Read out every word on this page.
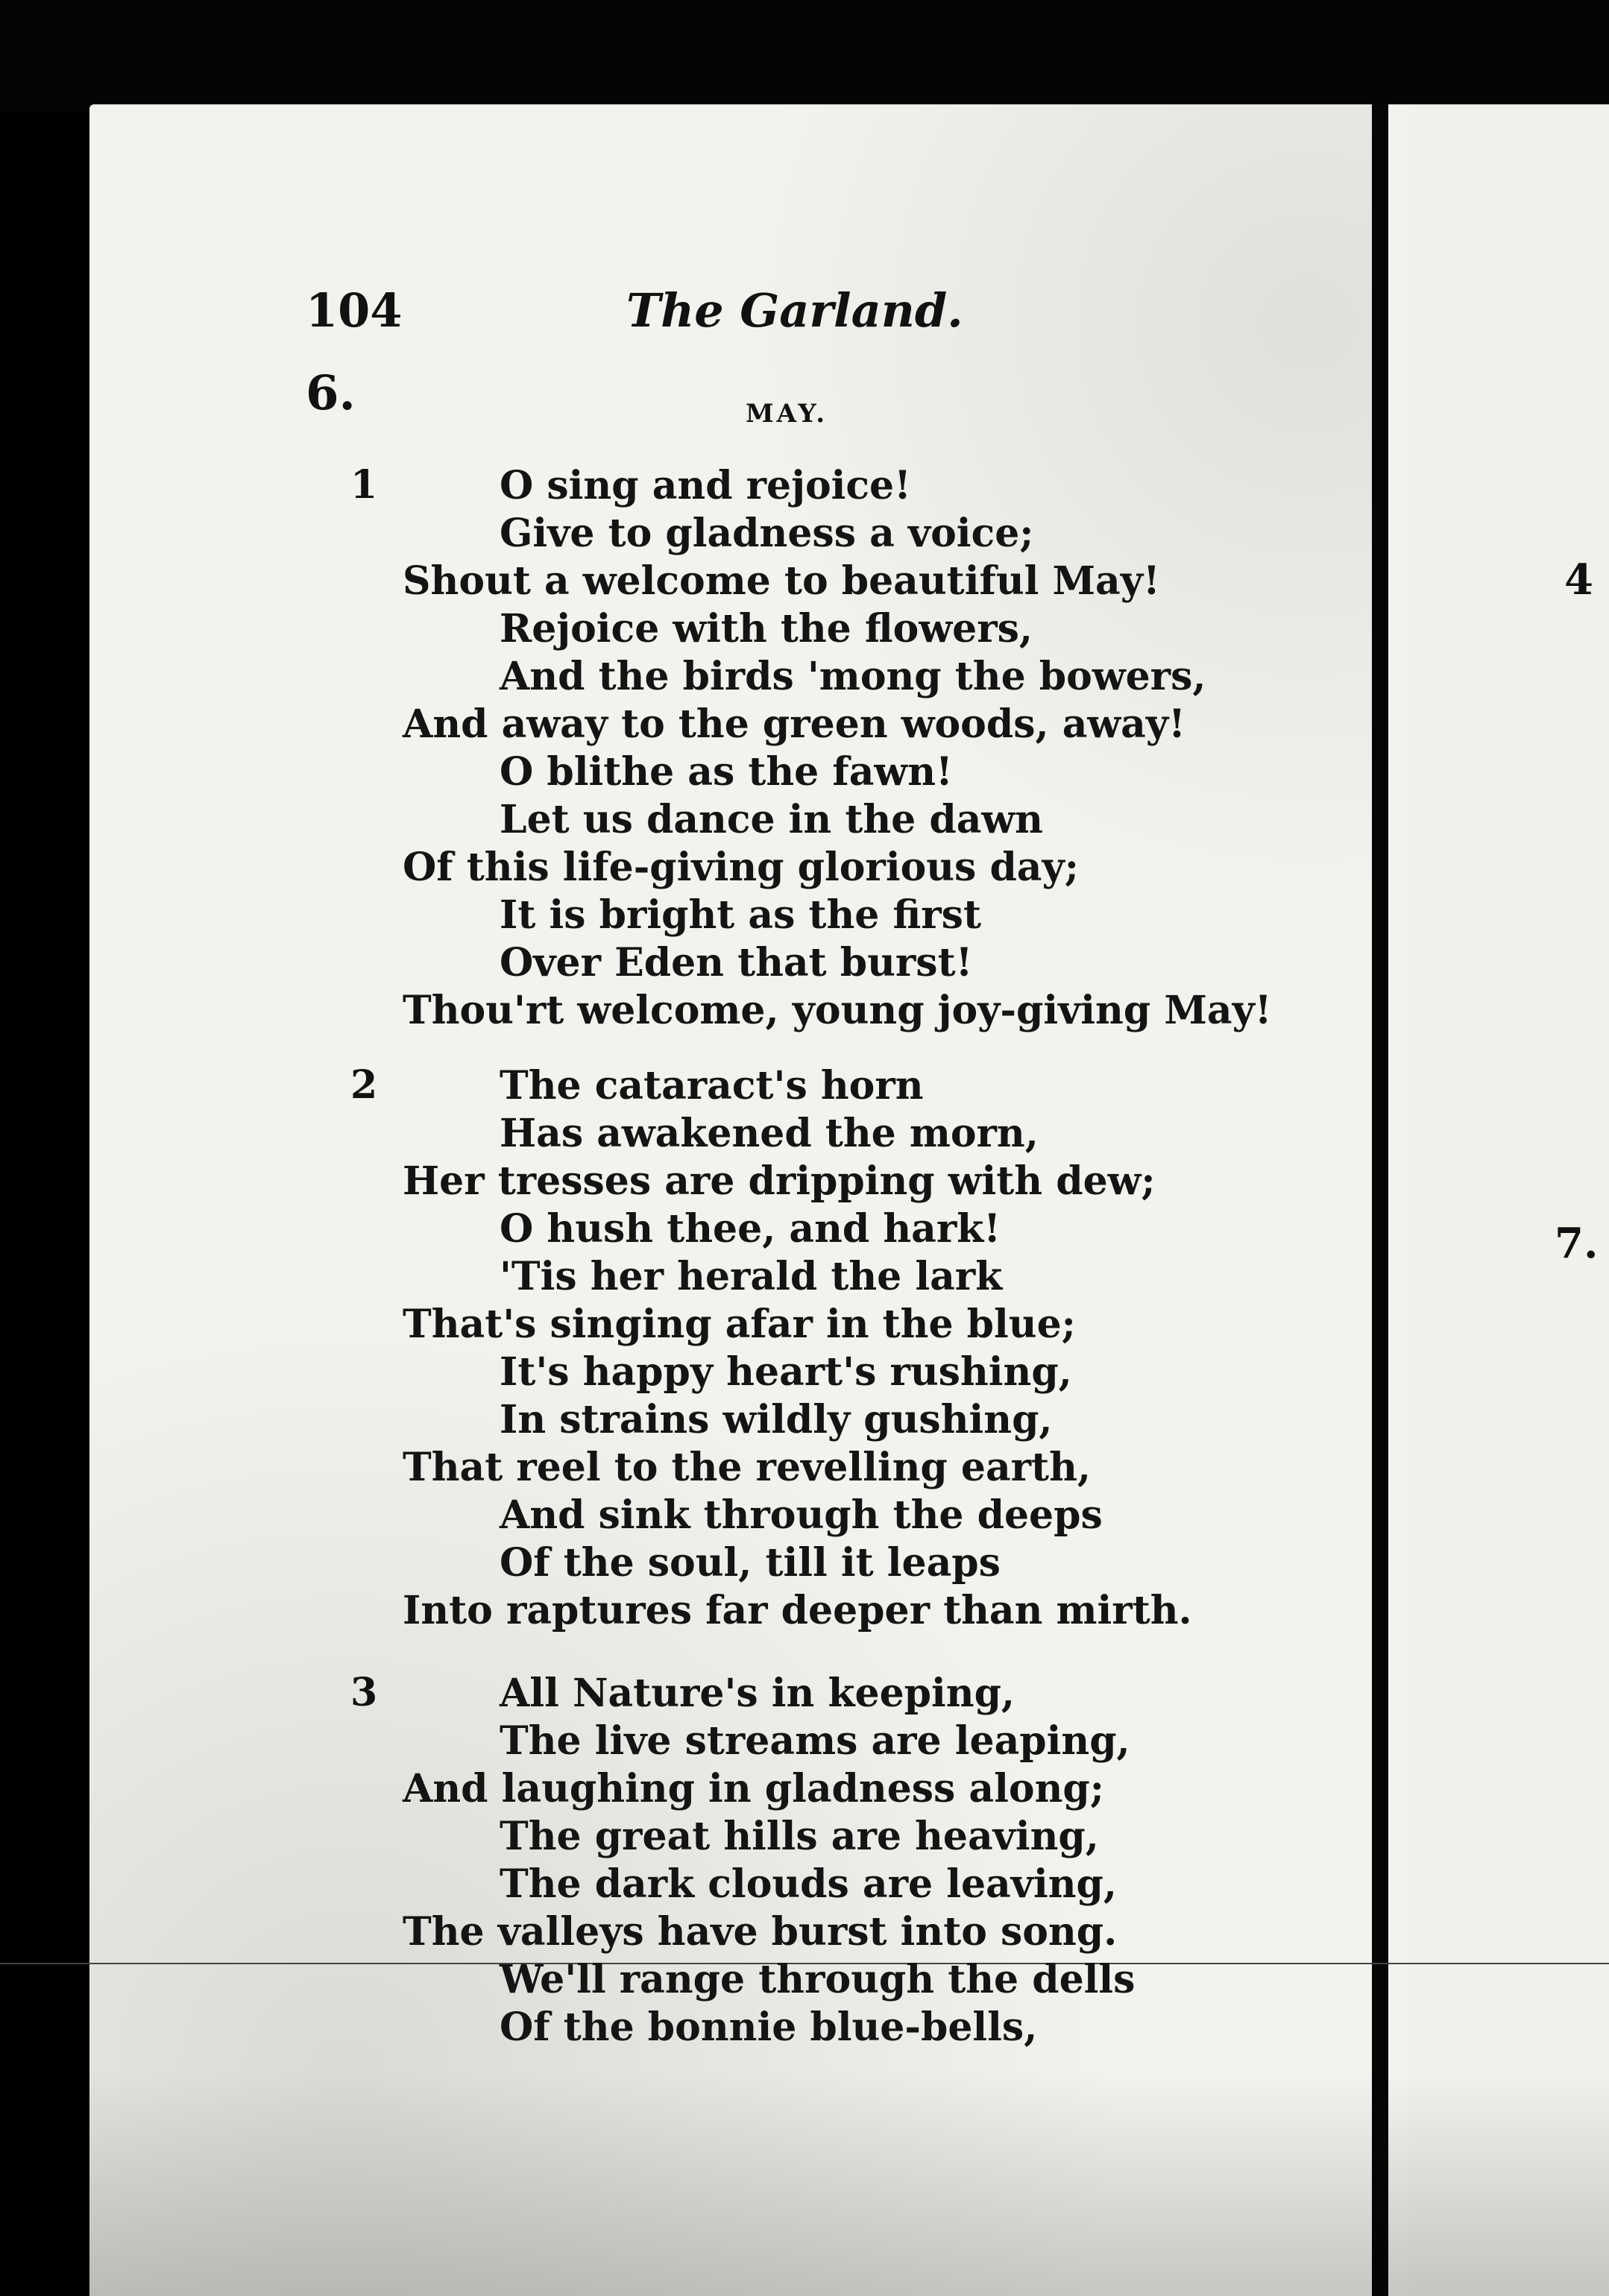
104	The Garland.
6.	MAY.
1	O sing and rejoice!
Give to gladness a voice;
Shout a welcome to beautiful May!
Rejoice with the flowers,
And the birds 'mong the bowers,
And away to the green woods, away!
O blithe as the fawn!
Let us dance in the dawn
Of this life-giving glorious day;
It is bright as the first
Over Eden that burst!
Thou'rt welcome, young joy-giving May!
2	The cataract's horn
Has awakened the morn,
Her tresses are dripping with dew;
O hush thee, and hark!
'Tis her herald the lark
That's singing afar in the blue;
It's happy heart's rushing,
In strains wildly gushing,
That reel to the revelling earth,
And sink through the deeps
Of the soul, till it leaps
Into raptures far deeper than mirth.
3	All Nature's in keeping,
The live streams are leaping,
And laughing in gladness along;
The great hills are heaving,
The dark clouds are leaving,
The valleys have burst into song.
We'll range through the dells
Of the bonnie blue-bells,
4
7.
